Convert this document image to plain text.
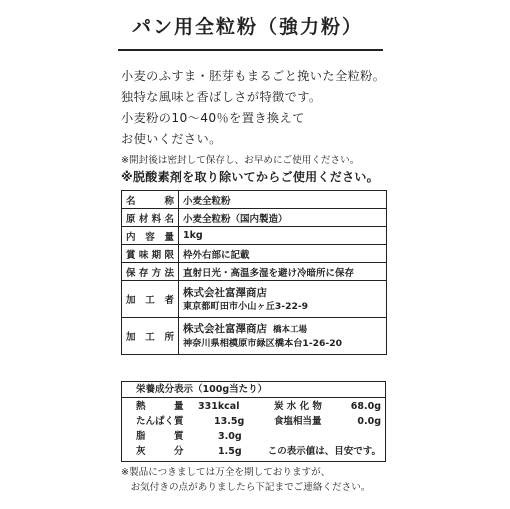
パン用全粒粉（強力粉）
小麦のふすま・胚芽もまるごと挽いた全粒粉。
独特な風味と香ばしさが特徴です。
小麦粉の10～40％を置き換えて
お使いください。
※開封後は密封して保存し、お早めにご使用ください。
※脱酸素剤を取り除いてからご使用ください。
名称	小麦全粒粉
原材料名	小麦全粒粉（国内製造）
内容量	1kg
賞味期限	枠外右部に記載
保存方法	直射日光・高温多湿を避け冷暗所に保存
加工者	株式会社富澤商店
東京都町田市小山ヶ丘3-22-9

加工所	株式会社富澤商店 橋本工場
神奈川県相模原市緑区橋本台1-26-20
栄養成分表示（100g当たり）
熱　　　量 331kcal	炭 水 化 物	68.0g
たんぱく質	13.5g	食塩相当量	0.0g
脂　　　質	3.0g
灰　　　分	1.5g	この表示値は、目安です。
※製品につきましては万全を期しておりますが、
　お気付きの点がありましたら下記までご連絡ください。
